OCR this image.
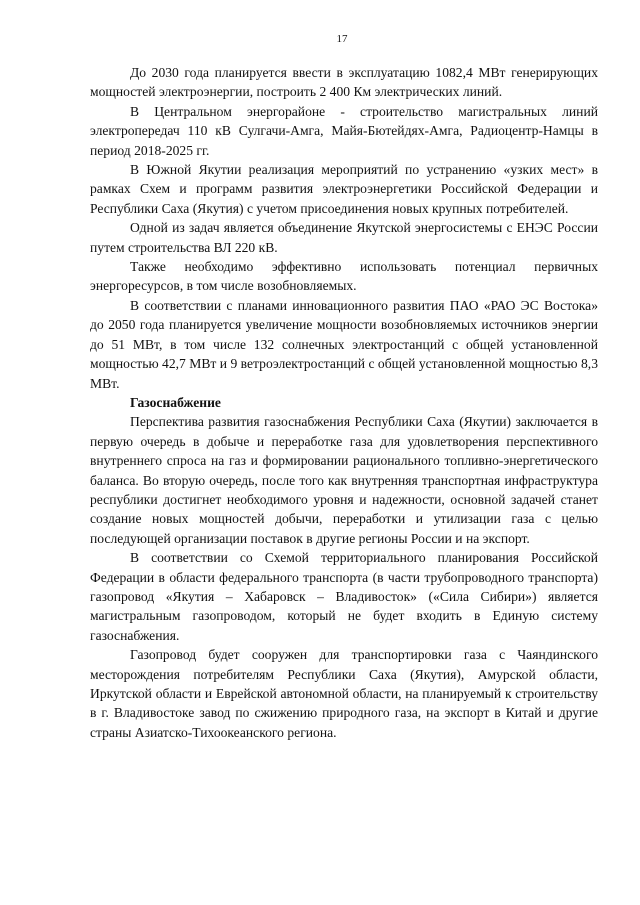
17

До 2030 года планируется ввести в эксплуатацию 1082,4 МВт генерирующих мощностей электроэнергии, построить 2 400 Км электрических линий.

В Центральном энергорайоне - строительство магистральных линий электропередач 110 кВ Сулгачи-Амга, Майя-Бютейдях-Амга, Радиоцентр-Намцы в период 2018-2025 гг.

В Южной Якутии реализация мероприятий по устранению «узких мест» в рамках Схем и программ развития электроэнергетики Российской Федерации и Республики Саха (Якутия) с учетом присоединения новых крупных потребителей.

Одной из задач является объединение Якутской энергосистемы с ЕНЭС России путем строительства ВЛ 220 кВ.

Также необходимо эффективно использовать потенциал первичных энергоресурсов, в том числе возобновляемых.

В соответствии с планами инновационного развития ПАО «РАО ЭС Востока» до 2050 года планируется увеличение мощности возобновляемых источников энергии до 51 МВт, в том числе 132 солнечных электростанций с общей установленной мощностью 42,7 МВт и 9 ветроэлектростанций с общей установленной мощностью 8,3 МВт.

Газоснабжение

Перспектива развития газоснабжения Республики Саха (Якутии) заключается в первую очередь в добыче и переработке газа для удовлетворения перспективного внутреннего спроса на газ и формировании рационального топливно-энергетического баланса. Во вторую очередь, после того как внутренняя транспортная инфраструктура республики достигнет необходимого уровня и надежности, основной задачей станет создание новых мощностей добычи, переработки и утилизации газа с целью последующей организации поставок в другие регионы России и на экспорт.

В соответствии со Схемой территориального планирования Российской Федерации в области федерального транспорта (в части трубопроводного транспорта) газопровод «Якутия – Хабаровск – Владивосток» («Сила Сибири») является магистральным газопроводом, который не будет входить в Единую систему газоснабжения.

Газопровод будет сооружен для транспортировки газа с Чаяндинского месторождения потребителям Республики Саха (Якутия), Амурской области, Иркутской области и Еврейской автономной области, на планируемый к строительству в г. Владивостоке завод по сжижению природного газа, на экспорт в Китай и другие страны Азиатско-Тихоокеанского региона.
